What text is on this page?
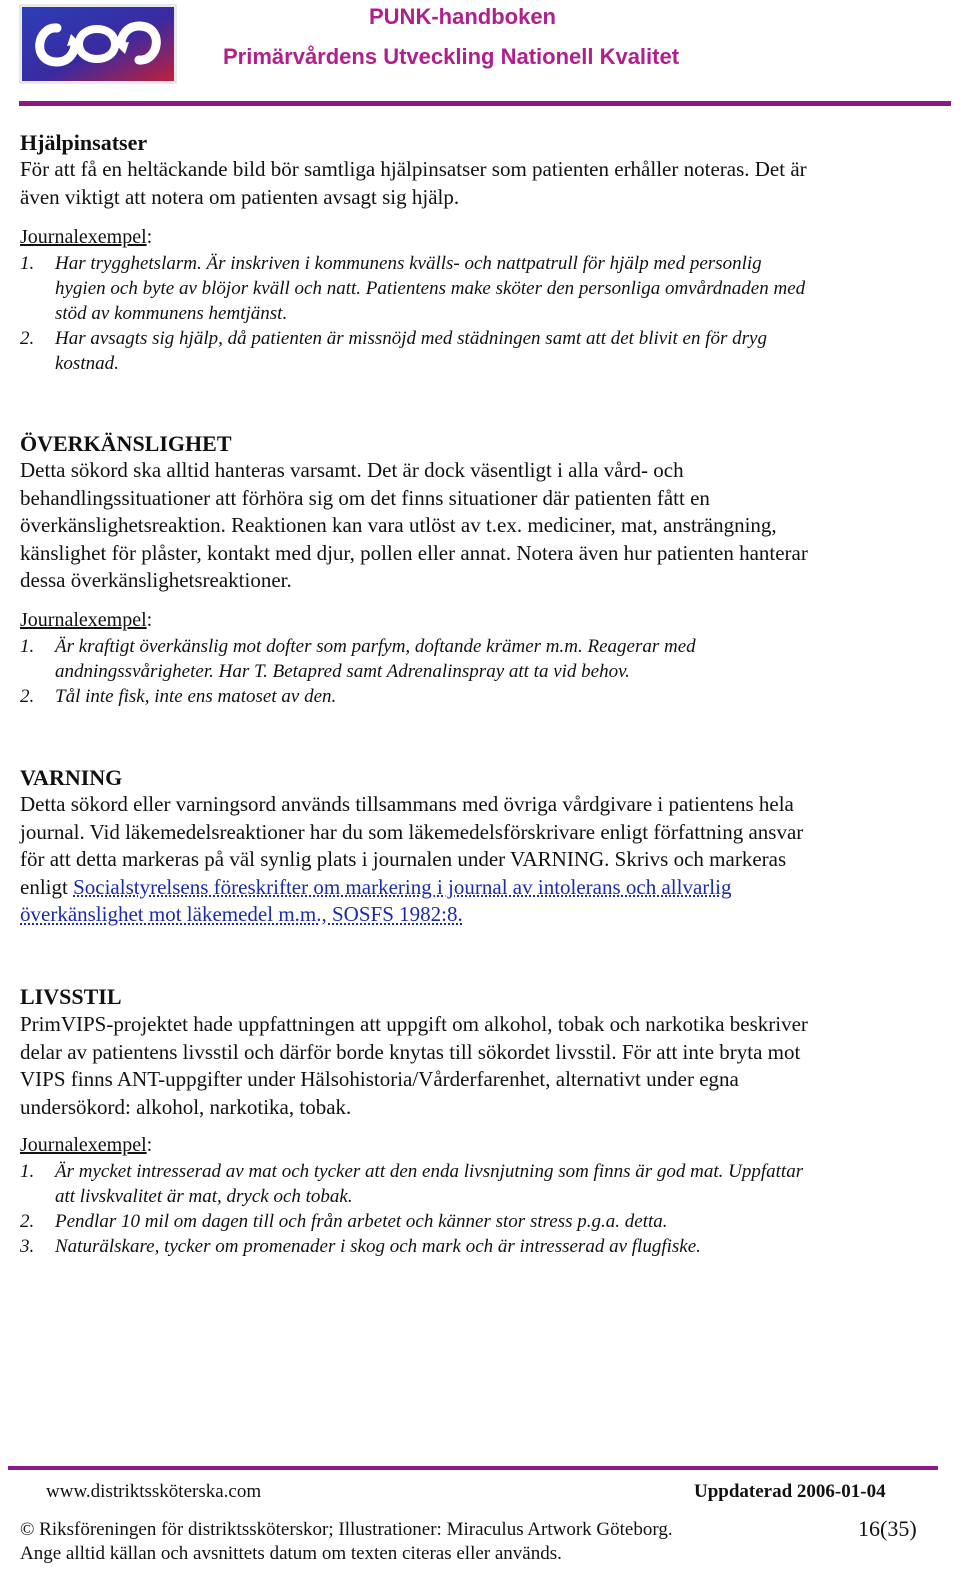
PUNK-handboken
Primärvårdens Utveckling Nationell Kvalitet
Hjälpinsatser
För att få en heltäckande bild bör samtliga hjälpinsatser som patienten erhåller noteras. Det är
även viktigt att notera om patienten avsagt sig hjälp.
Journalexempel:
1. Har trygghetslarm. Är inskriven i kommunens kvälls- och nattpatrull för hjälp med personlig
hygien och byte av blöjor kväll och natt. Patientens make sköter den personliga omvårdnaden med
stöd av kommunens hemtjänst.
2. Har avsagts sig hjälp, då patienten är missnöjd med städningen samt att det blivit en för dryg
kostnad.
ÖVERKÄNSLIGHET
Detta sökord ska alltid hanteras varsamt. Det är dock väsentligt i alla vård- och
behandlingssituationer att förhöra sig om det finns situationer där patienten fått en
överkänslighetsreaktion. Reaktionen kan vara utlöst av t.ex. mediciner, mat, ansträngning,
känslighet för plåster, kontakt med djur, pollen eller annat. Notera även hur patienten hanterar
dessa överkänslighetsreaktioner.
Journalexempel:
1. Är kraftigt överkänslig mot dofter som parfym, doftande krämer m.m. Reagerar med
andningssvårigheter. Har T. Betapred samt Adrenalinspray att ta vid behov.
2. Tål inte fisk, inte ens matoset av den.
VARNING
Detta sökord eller varningsord används tillsammans med övriga vårdgivare i patientens hela
journal. Vid läkemedelsreaktioner har du som läkemedelsförskrivare enligt författning ansvar
för att detta markeras på väl synlig plats i journalen under VARNING. Skrivs och markeras
enligt Socialstyrelsens föreskrifter om markering i journal av intolerans och allvarlig
överkänslighet mot läkemedel m.m., SOSFS 1982:8.
LIVSSTIL
PrimVIPS-projektet hade uppfattningen att uppgift om alkohol, tobak och narkotika beskriver
delar av patientens livsstil och därför borde knytas till sökordet livsstil. För att inte bryta mot
VIPS finns ANT-uppgifter under Hälsohistoria/Vårderfarenhet, alternativt under egna
undersökord: alkohol, narkotika, tobak.
Journalexempel:
1. Är mycket intresserad av mat och tycker att den enda livsnjutning som finns är god mat. Uppfattar
att livskvalitet är mat, dryck och tobak.
2. Pendlar 10 mil om dagen till och från arbetet och känner stor stress p.g.a. detta.
3. Naturälskare, tycker om promenader i skog och mark och är intresserad av flugfiske.
www.distriktssköterska.com	Uppdaterad 2006-01-04
© Riksföreningen för distriktssköterskor; Illustrationer: Miraculus Artwork Göteborg.	16(35)
Ange alltid källan och avsnittets datum om texten citeras eller används.
